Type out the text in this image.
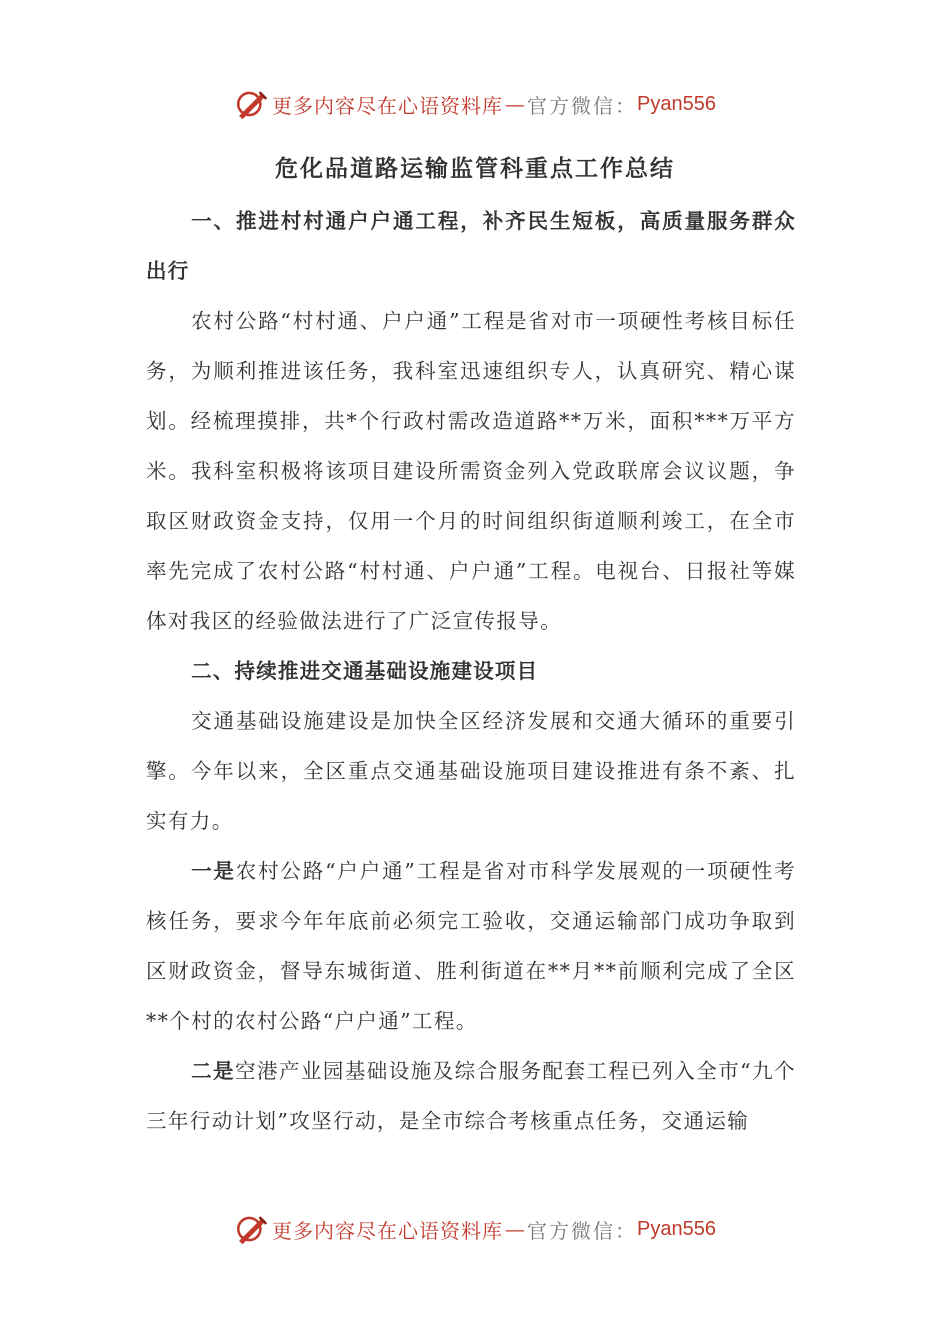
更多内容尽在心语资料库 — 官方微信： Pyan556
危化品道路运输监管科重点工作总结

一、推进村村通户户通工程，补齐民生短板，高质量服务群众出行

农村公路“村村通、户户通”工程是省对市一项硬性考核目标任务，为顺利推进该任务，我科室迅速组织专人，认真研究、精心谋划。经梳理摸排，共*个行政村需改造道路**万米，面积***万平方米。我科室积极将该项目建设所需资金列入党政联席会议议题，争取区财政资金支持，仅用一个月的时间组织街道顺利竣工，在全市率先完成了农村公路“村村通、户户通”工程。电视台、日报社等媒体对我区的经验做法进行了广泛宣传报导。

二、持续推进交通基础设施建设项目

交通基础设施建设是加快全区经济发展和交通大循环的重要引擎。今年以来，全区重点交通基础设施项目建设推进有条不紊、扎实有力。

一是农村公路“户户通”工程是省对市科学发展观的一项硬性考核任务，要求今年年底前必须完工验收，交通运输部门成功争取到区财政资金，督导东城街道、胜利街道在**月**前顺利完成了全区**个村的农村公路“户户通”工程。

二是空港产业园基础设施及综合服务配套工程已列入全市“九个三年行动计划”攻坚行动，是全市综合考核重点任务，交通运输

更多内容尽在心语资料库 — 官方微信： Pyan556
